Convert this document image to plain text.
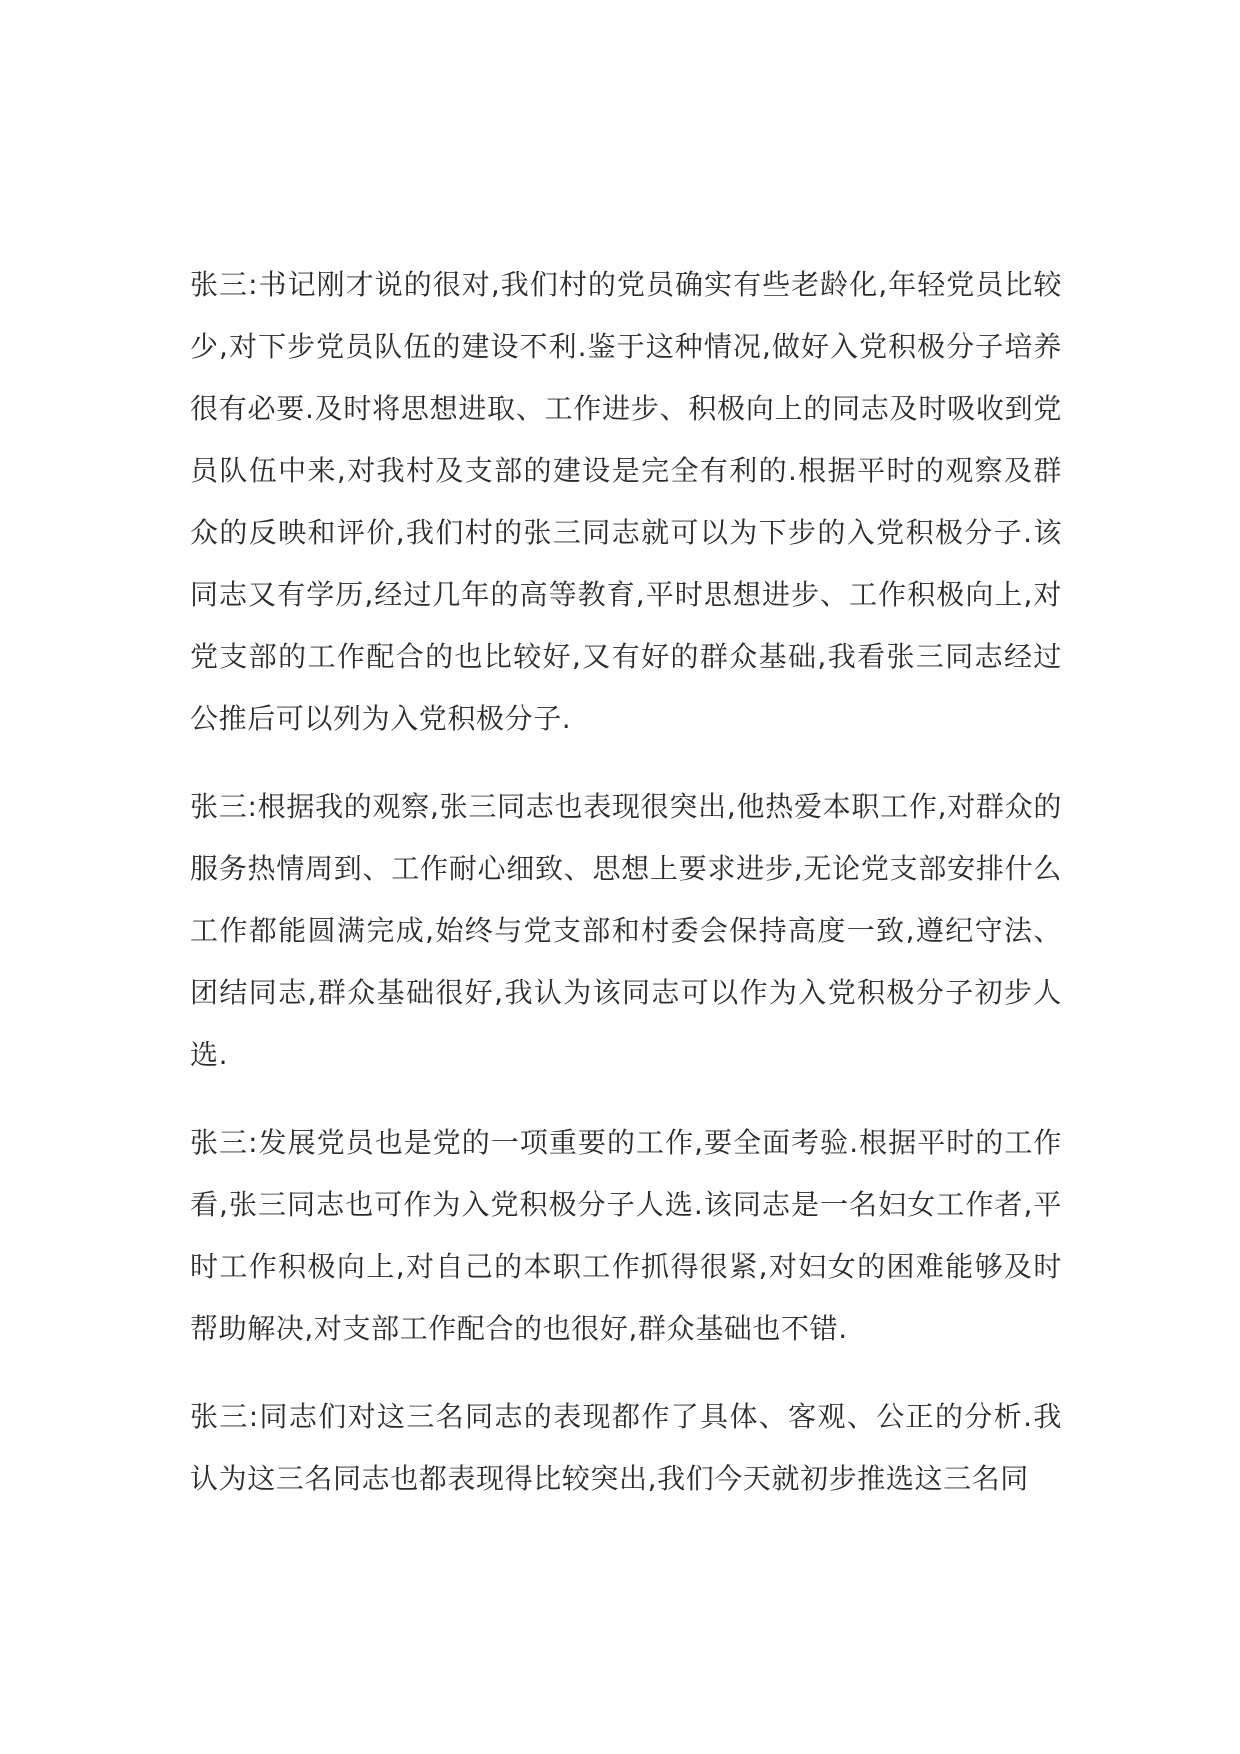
张三:书记刚才说的很对,我们村的党员确实有些老龄化,年轻党员比较少,对下步党员队伍的建设不利.鉴于这种情况,做好入党积极分子培养很有必要.及时将思想进取、工作进步、积极向上的同志及时吸收到党员队伍中来,对我村及支部的建设是完全有利的.根据平时的观察及群众的反映和评价,我们村的张三同志就可以为下步的入党积极分子.该同志又有学历,经过几年的高等教育,平时思想进步、工作积极向上,对党支部的工作配合的也比较好,又有好的群众基础,我看张三同志经过公推后可以列为入党积极分子.

张三:根据我的观察,张三同志也表现很突出,他热爱本职工作,对群众的服务热情周到、工作耐心细致、思想上要求进步,无论党支部安排什么工作都能圆满完成,始终与党支部和村委会保持高度一致,遵纪守法、团结同志,群众基础很好,我认为该同志可以作为入党积极分子初步人选.

张三:发展党员也是党的一项重要的工作,要全面考验.根据平时的工作看,张三同志也可作为入党积极分子人选.该同志是一名妇女工作者,平时工作积极向上,对自己的本职工作抓得很紧,对妇女的困难能够及时帮助解决,对支部工作配合的也很好,群众基础也不错.

张三:同志们对这三名同志的表现都作了具体、客观、公正的分析.我认为这三名同志也都表现得比较突出,我们今天就初步推选这三名同
